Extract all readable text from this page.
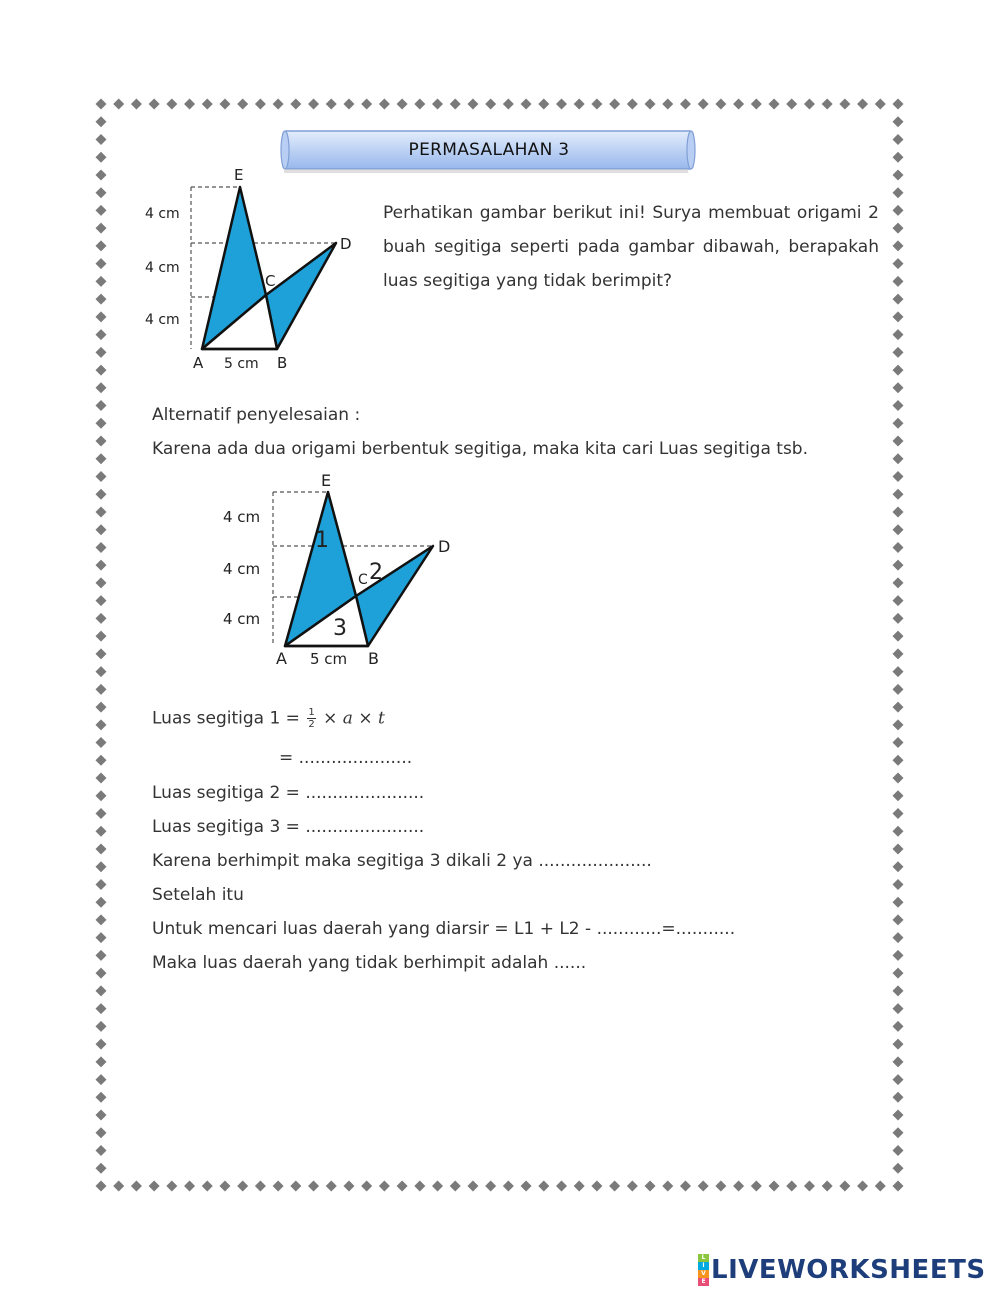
PERMASALAHAN 3
E
D
C
A	B
4 cm
4 cm
4 cm
5 cm
Perhatikan gambar berikut ini! Surya membuat origami 2 buah segitiga seperti pada gambar dibawah, berapakah luas segitiga yang tidak berimpit?
Alternatif penyelesaian :
Karena ada dua origami berbentuk segitiga, maka kita cari Luas segitiga tsb.
E
D
C
A	B
4 cm
4 cm
4 cm
5 cm
1
2
3
Luas segitiga $1 = \frac{1}{2} \times a \times t$
= .....................
Luas segitiga 2 = ......................
Luas segitiga 3 = ......................
Karena berhimpit maka segitiga 3 dikali 2 ya .....................
Setelah itu
Untuk mencari luas daerah yang diarsir = L1 + L2 - ............=...........
Maka luas daerah yang tidak berhimpit adalah ......
L
I
V
E LIVEWORKSHEETS
